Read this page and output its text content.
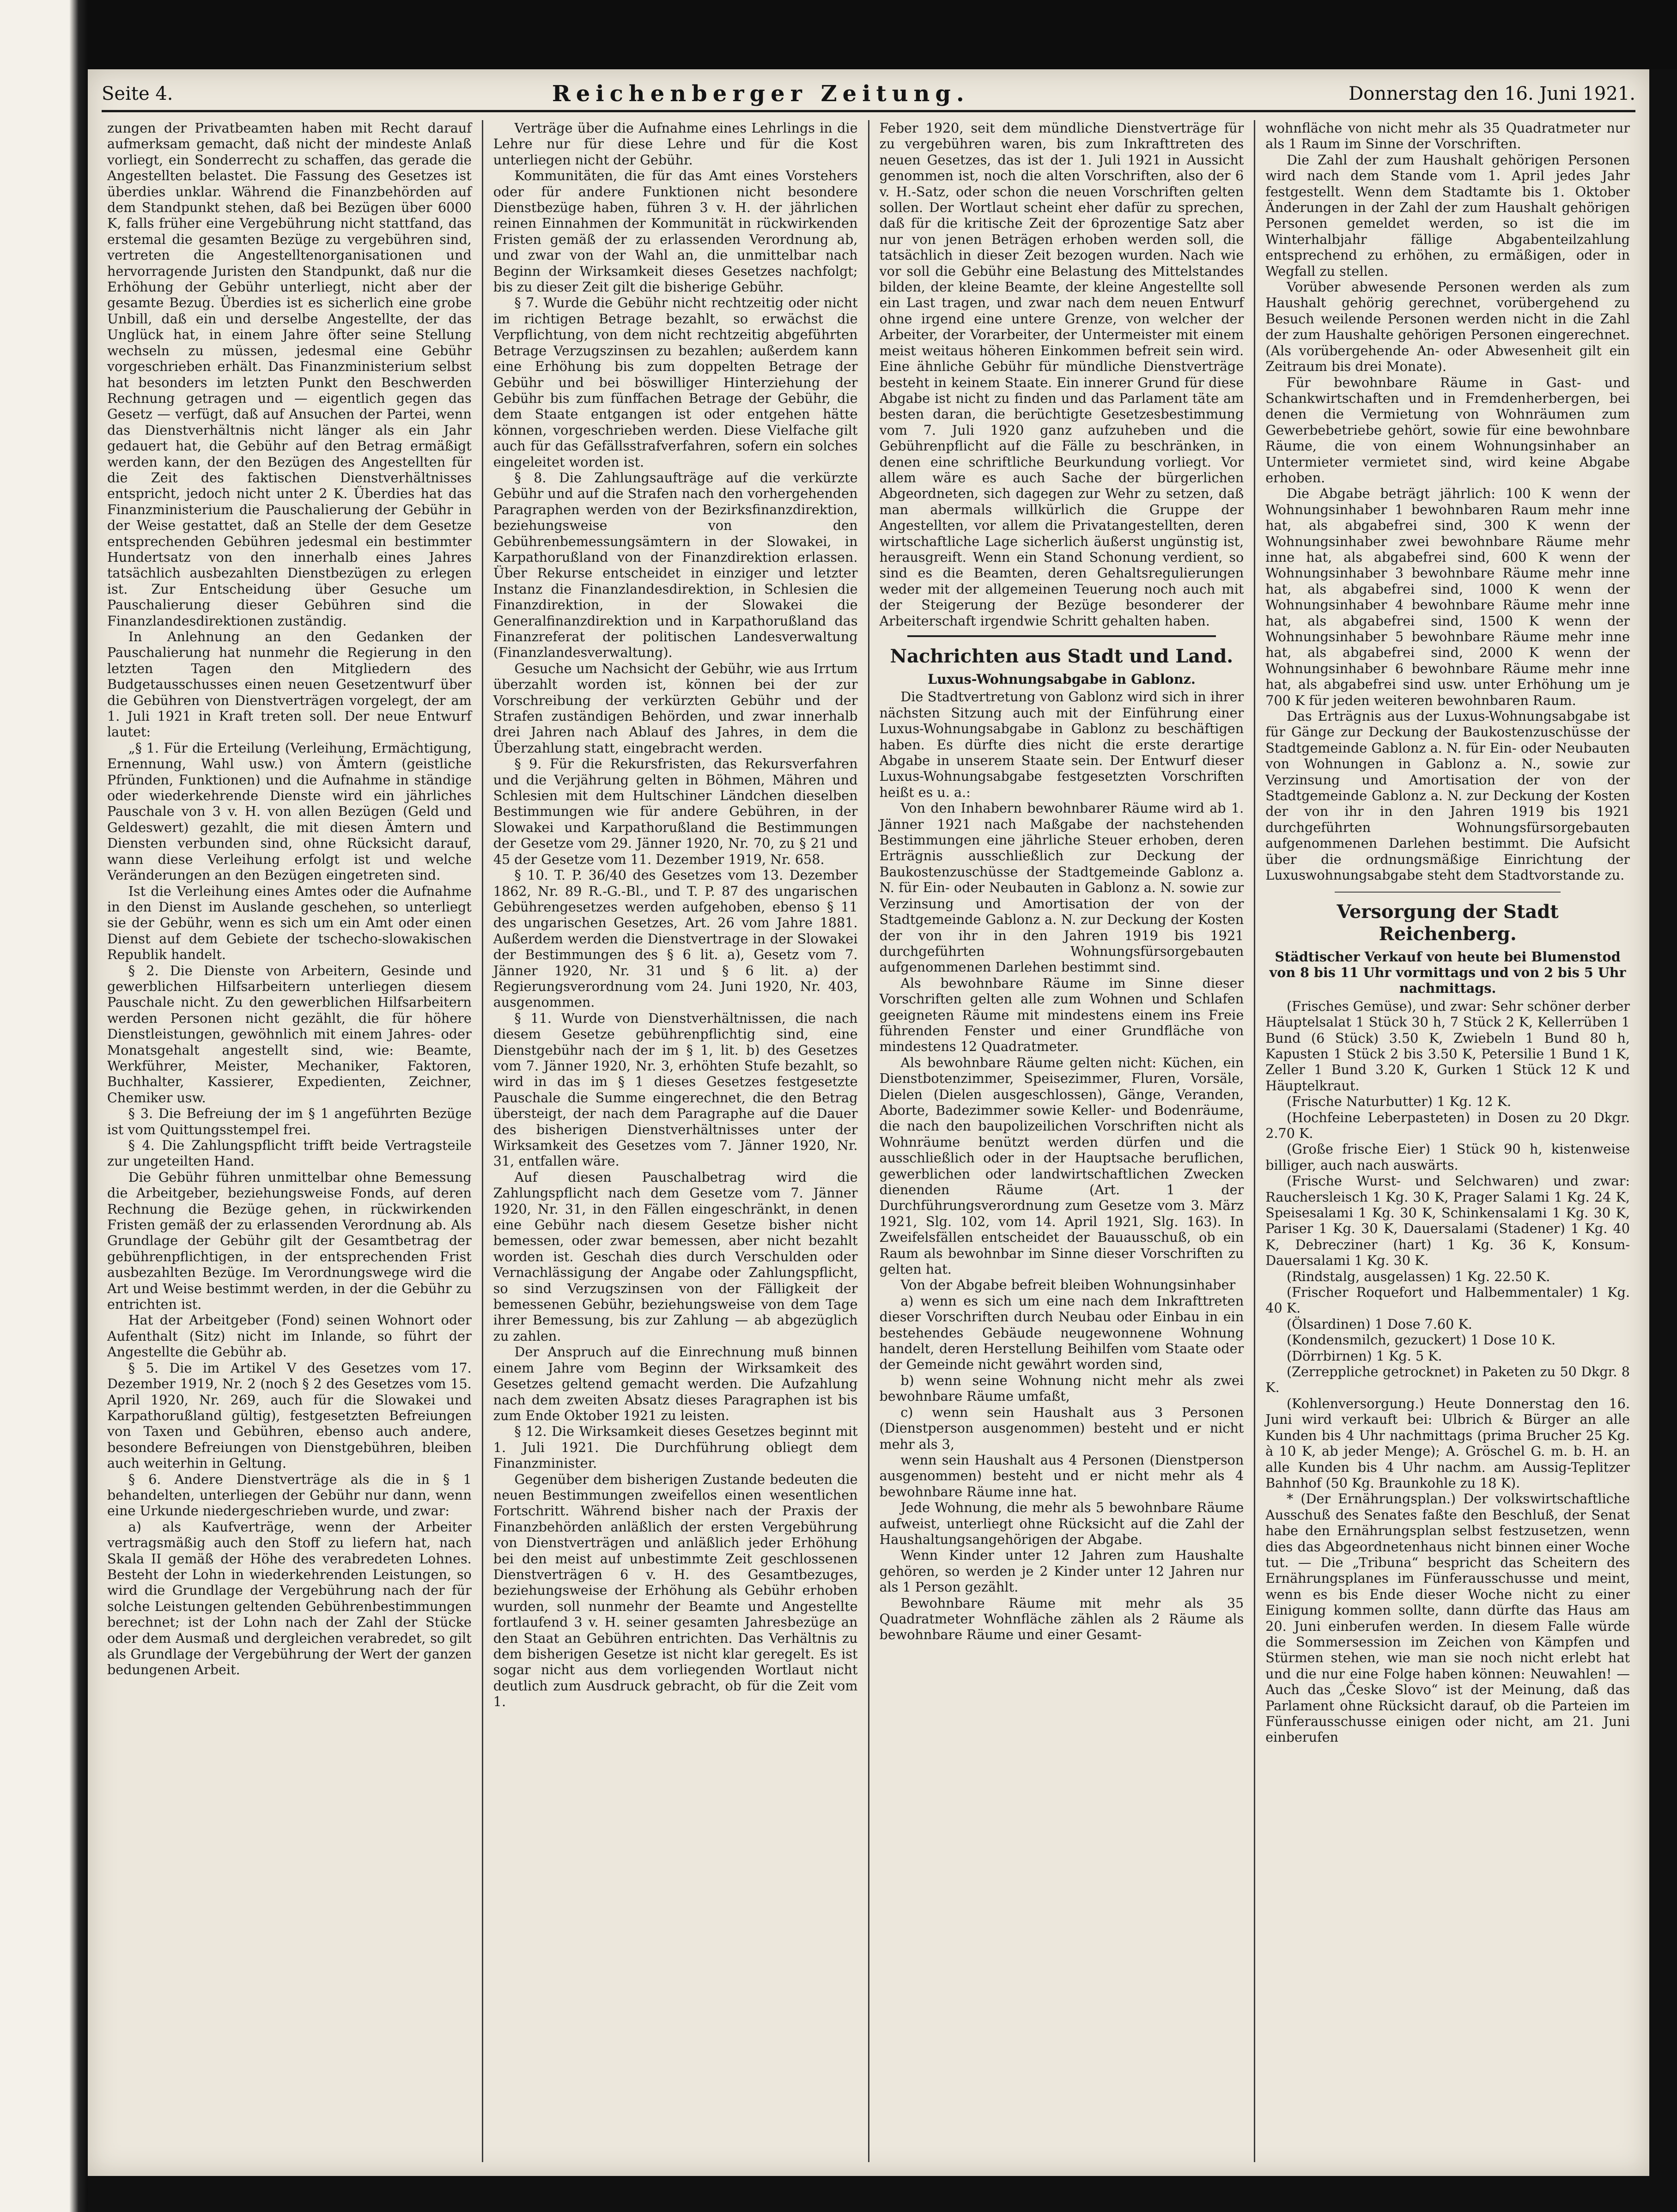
Seite 4.	Reichenberger Zeitung.	Donnerstag den 16. Juni 1921.

zungen der Privatbeamten haben mit Recht darauf aufmerksam gemacht, daß nicht der mindeste Anlaß vorliegt, ein Sonderrecht zu schaffen, das gerade die Angestellten belastet. Die Fassung des Gesetzes ist überdies unklar. Während die Finanzbehörden auf dem Standpunkt stehen, daß bei Bezügen über 6000 K, falls früher eine Vergebührung nicht stattfand, das erstemal die gesamten Bezüge zu vergebühren sind, vertreten die Angestelltenorganisationen und hervorragende Juristen den Standpunkt, daß nur die Erhöhung der Gebühr unterliegt, nicht aber der gesamte Bezug. Überdies ist es sicherlich eine grobe Unbill, daß ein und derselbe Angestellte, der das Unglück hat, in einem Jahre öfter seine Stellung wechseln zu müssen, jedesmal eine Gebühr vorgeschrieben erhält. Das Finanzministerium selbst hat besonders im letzten Punkt den Beschwerden Rechnung getragen und — eigentlich gegen das Gesetz — verfügt, daß auf Ansuchen der Partei, wenn das Dienstverhältnis nicht länger als ein Jahr gedauert hat, die Gebühr auf den Betrag ermäßigt werden kann, der den Bezügen des Angestellten für die Zeit des faktischen Dienstverhältnisses entspricht, jedoch nicht unter 2 K. Überdies hat das Finanzministerium die Pauschalierung der Gebühr in der Weise gestattet, daß an Stelle der dem Gesetze entsprechenden Gebühren jedesmal ein bestimmter Hundertsatz von den innerhalb eines Jahres tatsächlich ausbezahlten Dienstbezügen zu erlegen ist. Zur Entscheidung über Gesuche um Pauschalierung dieser Gebühren sind die Finanzlandesdirektionen zuständig.

In Anlehnung an den Gedanken der Pauschalierung hat nunmehr die Regierung in den letzten Tagen den Mitgliedern des Budgetausschusses einen neuen Gesetzentwurf über die Gebühren von Dienstverträgen vorgelegt, der am 1. Juli 1921 in Kraft treten soll. Der neue Entwurf lautet:

„§ 1. Für die Erteilung (Verleihung, Ermächtigung, Ernennung, Wahl usw.) von Ämtern (geistliche Pfründen, Funktionen) und die Aufnahme in ständige oder wiederkehrende Dienste wird ein jährliches Pauschale von 3 v. H. von allen Bezügen (Geld und Geldeswert) gezahlt, die mit diesen Ämtern und Diensten verbunden sind, ohne Rücksicht darauf, wann diese Verleihung erfolgt ist und welche Veränderungen an den Bezügen eingetreten sind.

Ist die Verleihung eines Amtes oder die Aufnahme in den Dienst im Auslande geschehen, so unterliegt sie der Gebühr, wenn es sich um ein Amt oder einen Dienst auf dem Gebiete der tschecho-slowakischen Republik handelt.

§ 2. Die Dienste von Arbeitern, Gesinde und gewerblichen Hilfsarbeitern unterliegen diesem Pauschale nicht. Zu den gewerblichen Hilfsarbeitern werden Personen nicht gezählt, die für höhere Dienstleistungen, gewöhnlich mit einem Jahres- oder Monatsgehalt angestellt sind, wie: Beamte, Werkführer, Meister, Mechaniker, Faktoren, Buchhalter, Kassierer, Expedienten, Zeichner, Chemiker usw.

§ 3. Die Befreiung der im § 1 angeführten Bezüge ist vom Quittungsstempel frei.

§ 4. Die Zahlungspflicht trifft beide Vertragsteile zur ungeteilten Hand.

Die Gebühr führen unmittelbar ohne Bemessung die Arbeitgeber, beziehungsweise Fonds, auf deren Rechnung die Bezüge gehen, in rückwirkenden Fristen gemäß der zu erlassenden Verordnung ab. Als Grundlage der Gebühr gilt der Gesamtbetrag der gebührenpflichtigen, in der entsprechenden Frist ausbezahlten Bezüge. Im Verordnungswege wird die Art und Weise bestimmt werden, in der die Gebühr zu entrichten ist.

Hat der Arbeitgeber (Fond) seinen Wohnort oder Aufenthalt (Sitz) nicht im Inlande, so führt der Angestellte die Gebühr ab.

§ 5. Die im Artikel V des Gesetzes vom 17. Dezember 1919, Nr. 2 (noch § 2 des Gesetzes vom 15. April 1920, Nr. 269, auch für die Slowakei und Karpathorußland gültig), festgesetzten Befreiungen von Taxen und Gebühren, ebenso auch andere, besondere Befreiungen von Dienstgebühren, bleiben auch weiterhin in Geltung.

§ 6. Andere Dienstverträge als die in § 1 behandelten, unterliegen der Gebühr nur dann, wenn eine Urkunde niedergeschrieben wurde, und zwar:

a) als Kaufverträge, wenn der Arbeiter vertragsmäßig auch den Stoff zu liefern hat, nach Skala II gemäß der Höhe des verabredeten Lohnes. Besteht der Lohn in wiederkehrenden Leistungen, so wird die Grundlage der Vergebührung nach der für solche Leistungen geltenden Gebührenbestimmungen berechnet; ist der Lohn nach der Zahl der Stücke oder dem Ausmaß und dergleichen verabredet, so gilt als Grundlage der Vergebührung der Wert der ganzen bedungenen Arbeit.

Verträge über die Aufnahme eines Lehrlings in die Lehre nur für diese Lehre und für die Kost unterliegen nicht der Gebühr.

Kommunitäten, die für das Amt eines Vorstehers oder für andere Funktionen nicht besondere Dienstbezüge haben, führen 3 v. H. der jährlichen reinen Einnahmen der Kommunität in rückwirkenden Fristen gemäß der zu erlassenden Verordnung ab, und zwar von der Wahl an, die unmittelbar nach Beginn der Wirksamkeit dieses Gesetzes nachfolgt; bis zu dieser Zeit gilt die bisherige Gebühr.

§ 7. Wurde die Gebühr nicht rechtzeitig oder nicht im richtigen Betrage bezahlt, so erwächst die Verpflichtung, von dem nicht rechtzeitig abgeführten Betrage Verzugszinsen zu bezahlen; außerdem kann eine Erhöhung bis zum doppelten Betrage der Gebühr und bei böswilliger Hinterziehung der Gebühr bis zum fünffachen Betrage der Gebühr, die dem Staate entgangen ist oder entgehen hätte können, vorgeschrieben werden. Diese Vielfache gilt auch für das Gefällsstrafverfahren, sofern ein solches eingeleitet worden ist.

§ 8. Die Zahlungsaufträge auf die verkürzte Gebühr und auf die Strafen nach den vorhergehenden Paragraphen werden von der Bezirksfinanzdirektion, beziehungsweise von den Gebührenbemessungsämtern in der Slowakei, in Karpathorußland von der Finanzdirektion erlassen. Über Rekurse entscheidet in einziger und letzter Instanz die Finanzlandesdirektion, in Schlesien die Finanzdirektion, in der Slowakei die Generalfinanzdirektion und in Karpathorußland das Finanzreferat der politischen Landesverwaltung (Finanzlandesverwaltung).

Gesuche um Nachsicht der Gebühr, wie aus Irrtum überzahlt worden ist, können bei der zur Vorschreibung der verkürzten Gebühr und der Strafen zuständigen Behörden, und zwar innerhalb drei Jahren nach Ablauf des Jahres, in dem die Überzahlung statt, eingebracht werden.

§ 9. Für die Rekursfristen, das Rekursverfahren und die Verjährung gelten in Böhmen, Mähren und Schlesien mit dem Hultschiner Ländchen dieselben Bestimmungen wie für andere Gebühren, in der Slowakei und Karpathorußland die Bestimmungen der Gesetze vom 29. Jänner 1920, Nr. 70, zu § 21 und 45 der Gesetze vom 11. Dezember 1919, Nr. 658.

§ 10. T. P. 36/40 des Gesetzes vom 13. Dezember 1862, Nr. 89 R.-G.-Bl., und T. P. 87 des ungarischen Gebührengesetzes werden aufgehoben, ebenso § 11 des ungarischen Gesetzes, Art. 26 vom Jahre 1881. Außerdem werden die Dienstvertrage in der Slowakei der Bestimmungen des § 6 lit. a), Gesetz vom 7. Jänner 1920, Nr. 31 und § 6 lit. a) der Regierungsverordnung vom 24. Juni 1920, Nr. 403, ausgenommen.

§ 11. Wurde von Dienstverhältnissen, die nach diesem Gesetze gebührenpflichtig sind, eine Dienstgebühr nach der im § 1, lit. b) des Gesetzes vom 7. Jänner 1920, Nr. 3, erhöhten Stufe bezahlt, so wird in das im § 1 dieses Gesetzes festgesetzte Pauschale die Summe eingerechnet, die den Betrag übersteigt, der nach dem Paragraphe auf die Dauer des bisherigen Dienstverhältnisses unter der Wirksamkeit des Gesetzes vom 7. Jänner 1920, Nr. 31, entfallen wäre.

Auf diesen Pauschalbetrag wird die Zahlungspflicht nach dem Gesetze vom 7. Jänner 1920, Nr. 31, in den Fällen eingeschränkt, in denen eine Gebühr nach diesem Gesetze bisher nicht bemessen, oder zwar bemessen, aber nicht bezahlt worden ist. Geschah dies durch Verschulden oder Vernachlässigung der Angabe oder Zahlungspflicht, so sind Verzugszinsen von der Fälligkeit der bemessenen Gebühr, beziehungsweise von dem Tage ihrer Bemessung, bis zur Zahlung — ab abgezüglich zu zahlen.

Der Anspruch auf die Einrechnung muß binnen einem Jahre vom Beginn der Wirksamkeit des Gesetzes geltend gemacht werden. Die Aufzahlung nach dem zweiten Absatz dieses Paragraphen ist bis zum Ende Oktober 1921 zu leisten.

§ 12. Die Wirksamkeit dieses Gesetzes beginnt mit 1. Juli 1921. Die Durchführung obliegt dem Finanzminister.

Gegenüber dem bisherigen Zustande bedeuten die neuen Bestimmungen zweifellos einen wesentlichen Fortschritt. Während bisher nach der Praxis der Finanzbehörden anläßlich der ersten Vergebührung von Dienstverträgen und anläßlich jeder Erhöhung bei den meist auf unbestimmte Zeit geschlossenen Dienstverträgen 6 v. H. des Gesamtbezuges, beziehungsweise der Erhöhung als Gebühr erhoben wurden, soll nunmehr der Beamte und Angestellte fortlaufend 3 v. H. seiner gesamten Jahresbezüge an den Staat an Gebühren entrichten. Das Verhältnis zu dem bisherigen Gesetze ist nicht klar geregelt. Es ist sogar nicht aus dem vorliegenden Wortlaut nicht deutlich zum Ausdruck gebracht, ob für die Zeit vom 1.

Feber 1920, seit dem mündliche Dienstverträge für zu vergebühren waren, bis zum Inkrafttreten des neuen Gesetzes, das ist der 1. Juli 1921 in Aussicht genommen ist, noch die alten Vorschriften, also der 6 v. H.-Satz, oder schon die neuen Vorschriften gelten sollen. Der Wortlaut scheint eher dafür zu sprechen, daß für die kritische Zeit der 6prozentige Satz aber nur von jenen Beträgen erhoben werden soll, die tatsächlich in dieser Zeit bezogen wurden. Nach wie vor soll die Gebühr eine Belastung des Mittelstandes bilden, der kleine Beamte, der kleine Angestellte soll ein Last tragen, und zwar nach dem neuen Entwurf ohne irgend eine untere Grenze, von welcher der Arbeiter, der Vorarbeiter, der Untermeister mit einem meist weitaus höheren Einkommen befreit sein wird. Eine ähnliche Gebühr für mündliche Dienstverträge besteht in keinem Staate. Ein innerer Grund für diese Abgabe ist nicht zu finden und das Parlament täte am besten daran, die berüchtigte Gesetzesbestimmung vom 7. Juli 1920 ganz aufzuheben und die Gebührenpflicht auf die Fälle zu beschränken, in denen eine schriftliche Beurkundung vorliegt. Vor allem wäre es auch Sache der bürgerlichen Abgeordneten, sich dagegen zur Wehr zu setzen, daß man abermals willkürlich die Gruppe der Angestellten, vor allem die Privatangestellten, deren wirtschaftliche Lage sicherlich äußerst ungünstig ist, herausgreift. Wenn ein Stand Schonung verdient, so sind es die Beamten, deren Gehaltsregulierungen weder mit der allgemeinen Teuerung noch auch mit der Steigerung der Bezüge besonderer der Arbeiterschaft irgendwie Schritt gehalten haben.

Nachrichten aus Stadt und Land.
Luxus-Wohnungsabgabe in Gablonz.

Die Stadtvertretung von Gablonz wird sich in ihrer nächsten Sitzung auch mit der Einführung einer Luxus-Wohnungsabgabe in Gablonz zu beschäftigen haben. Es dürfte dies nicht die erste derartige Abgabe in unserem Staate sein. Der Entwurf dieser Luxus-Wohnungsabgabe festgesetzten Vorschriften heißt es u. a.:

Von den Inhabern bewohnbarer Räume wird ab 1. Jänner 1921 nach Maßgabe der nachstehenden Bestimmungen eine jährliche Steuer erhoben, deren Erträgnis ausschließlich zur Deckung der Baukostenzuschüsse der Stadtgemeinde Gablonz a. N. für Ein- oder Neubauten in Gablonz a. N. sowie zur Verzinsung und Amortisation der von der Stadtgemeinde Gablonz a. N. zur Deckung der Kosten der von ihr in den Jahren 1919 bis 1921 durchgeführten Wohnungsfürsorgebauten aufgenommenen Darlehen bestimmt sind.

Als bewohnbare Räume im Sinne dieser Vorschriften gelten alle zum Wohnen und Schlafen geeigneten Räume mit mindestens einem ins Freie führenden Fenster und einer Grundfläche von mindestens 12 Quadratmeter.

Als bewohnbare Räume gelten nicht: Küchen, ein Dienstbotenzimmer, Speisezimmer, Fluren, Vorsäle, Dielen (Dielen ausgeschlossen), Gänge, Veranden, Aborte, Badezimmer sowie Keller- und Bodenräume, die nach den baupolizeilichen Vorschriften nicht als Wohnräume benützt werden dürfen und die ausschließlich oder in der Hauptsache beruflichen, gewerblichen oder landwirtschaftlichen Zwecken dienenden Räume (Art. 1 der Durchführungsverordnung zum Gesetze vom 3. März 1921, Slg. 102, vom 14. April 1921, Slg. 163). In Zweifelsfällen entscheidet der Bauausschuß, ob ein Raum als bewohnbar im Sinne dieser Vorschriften zu gelten hat.

Von der Abgabe befreit bleiben Wohnungsinhaber

a) wenn es sich um eine nach dem Inkrafttreten dieser Vorschriften durch Neubau oder Einbau in ein bestehendes Gebäude neugewonnene Wohnung handelt, deren Herstellung Beihilfen vom Staate oder der Gemeinde nicht gewährt worden sind,

b) wenn seine Wohnung nicht mehr als zwei bewohnbare Räume umfaßt,

c) wenn sein Haushalt aus 3 Personen (Dienstperson ausgenommen) besteht und er nicht mehr als 3,

wenn sein Haushalt aus 4 Personen (Dienstperson ausgenommen) besteht und er nicht mehr als 4 bewohnbare Räume inne hat.

Jede Wohnung, die mehr als 5 bewohnbare Räume aufweist, unterliegt ohne Rücksicht auf die Zahl der Haushaltungsangehörigen der Abgabe.

Wenn Kinder unter 12 Jahren zum Haushalte gehören, so werden je 2 Kinder unter 12 Jahren nur als 1 Person gezählt.

Bewohnbare Räume mit mehr als 35 Quadratmeter Wohnfläche zählen als 2 Räume als bewohnbare Räume und einer Gesamt-

wohnfläche von nicht mehr als 35 Quadratmeter nur als 1 Raum im Sinne der Vorschriften.

Die Zahl der zum Haushalt gehörigen Personen wird nach dem Stande vom 1. April jedes Jahr festgestellt. Wenn dem Stadtamte bis 1. Oktober Änderungen in der Zahl der zum Haushalt gehörigen Personen gemeldet werden, so ist die im Winterhalbjahr fällige Abgabenteilzahlung entsprechend zu erhöhen, zu ermäßigen, oder in Wegfall zu stellen.

Vorüber abwesende Personen werden als zum Haushalt gehörig gerechnet, vorübergehend zu Besuch weilende Personen werden nicht in die Zahl der zum Haushalte gehörigen Personen eingerechnet. (Als vorübergehende An- oder Abwesenheit gilt ein Zeitraum bis drei Monate).

Für bewohnbare Räume in Gast- und Schankwirtschaften und in Fremdenherbergen, bei denen die Vermietung von Wohnräumen zum Gewerbebetriebe gehört, sowie für eine bewohnbare Räume, die von einem Wohnungsinhaber an Untermieter vermietet sind, wird keine Abgabe erhoben.

Die Abgabe beträgt jährlich: 100 K wenn der Wohnungsinhaber 1 bewohnbaren Raum mehr inne hat, als abgabefrei sind, 300 K wenn der Wohnungsinhaber zwei bewohnbare Räume mehr inne hat, als abgabefrei sind, 600 K wenn der Wohnungsinhaber 3 bewohnbare Räume mehr inne hat, als abgabefrei sind, 1000 K wenn der Wohnungsinhaber 4 bewohnbare Räume mehr inne hat, als abgabefrei sind, 1500 K wenn der Wohnungsinhaber 5 bewohnbare Räume mehr inne hat, als abgabefrei sind, 2000 K wenn der Wohnungsinhaber 6 bewohnbare Räume mehr inne hat, als abgabefrei sind usw. unter Erhöhung um je 700 K für jeden weiteren bewohnbaren Raum.

Das Erträgnis aus der Luxus-Wohnungsabgabe ist für Gänge zur Deckung der Baukostenzuschüsse der Stadtgemeinde Gablonz a. N. für Ein- oder Neubauten von Wohnungen in Gablonz a. N., sowie zur Verzinsung und Amortisation der von der Stadtgemeinde Gablonz a. N. zur Deckung der Kosten der von ihr in den Jahren 1919 bis 1921 durchgeführten Wohnungsfürsorgebauten aufgenommenen Darlehen bestimmt. Die Aufsicht über die ordnungsmäßige Einrichtung der Luxuswohnungsabgabe steht dem Stadtvorstande zu.

Versorgung der Stadt Reichenberg.
Städtischer Verkauf von heute bei Blumenstod von 8 bis 11 Uhr vormittags und von 2 bis 5 Uhr nachmittags.

(Frisches Gemüse), und zwar: Sehr schöner derber Häuptelsalat 1 Stück 30 h, 7 Stück 2 K, Kellerrüben 1 Bund (6 Stück) 3.50 K, Zwiebeln 1 Bund 80 h, Kapusten 1 Stück 2 bis 3.50 K, Petersilie 1 Bund 1 K, Zeller 1 Bund 3.20 K, Gurken 1 Stück 12 K und Häuptelkraut.

(Frische Naturbutter) 1 Kg. 12 K.

(Hochfeine Leberpasteten) in Dosen zu 20 Dkgr. 2.70 K.

(Große frische Eier) 1 Stück 90 h, kistenweise billiger, auch nach auswärts.

(Frische Wurst- und Selchwaren) und zwar: Rauchersleisch 1 Kg. 30 K, Prager Salami 1 Kg. 24 K, Speisesalami 1 Kg. 30 K, Schinkensalami 1 Kg. 30 K, Pariser 1 Kg. 30 K, Dauersalami (Stadener) 1 Kg. 40 K, Debrecziner (hart) 1 Kg. 36 K, Konsum-Dauersalami 1 Kg. 30 K.

(Rindstalg, ausgelassen) 1 Kg. 22.50 K.

(Frischer Roquefort und Halbemmentaler) 1 Kg. 40 K.

(Ölsardinen) 1 Dose 7.60 K.

(Kondensmilch, gezuckert) 1 Dose 10 K.

(Dörrbirnen) 1 Kg. 5 K.

(Zerreppliche getrocknet) in Paketen zu 50 Dkgr. 8 K.

(Kohlenversorgung.) Heute Donnerstag den 16. Juni wird verkauft bei: Ulbrich & Bürger an alle Kunden bis 4 Uhr nachmittags (prima Brucher 25 Kg. à 10 K, ab jeder Menge); A. Gröschel G. m. b. H. an alle Kunden bis 4 Uhr nachm. am Aussig-Teplitzer Bahnhof (50 Kg. Braunkohle zu 18 K).

* (Der Ernährungsplan.) Der volkswirtschaftliche Ausschuß des Senates faßte den Beschluß, der Senat habe den Ernährungsplan selbst festzusetzen, wenn dies das Abgeordnetenhaus nicht binnen einer Woche tut. — Die „Tribuna“ bespricht das Scheitern des Ernährungsplanes im Fünferausschusse und meint, wenn es bis Ende dieser Woche nicht zu einer Einigung kommen sollte, dann dürfte das Haus am 20. Juni einberufen werden. In diesem Falle würde die Sommersession im Zeichen von Kämpfen und Stürmen stehen, wie man sie noch nicht erlebt hat und die nur eine Folge haben können: Neuwahlen! — Auch das „Česke Slovo“ ist der Meinung, daß das Parlament ohne Rücksicht darauf, ob die Parteien im Fünferausschusse einigen oder nicht, am 21. Juni einberufen
